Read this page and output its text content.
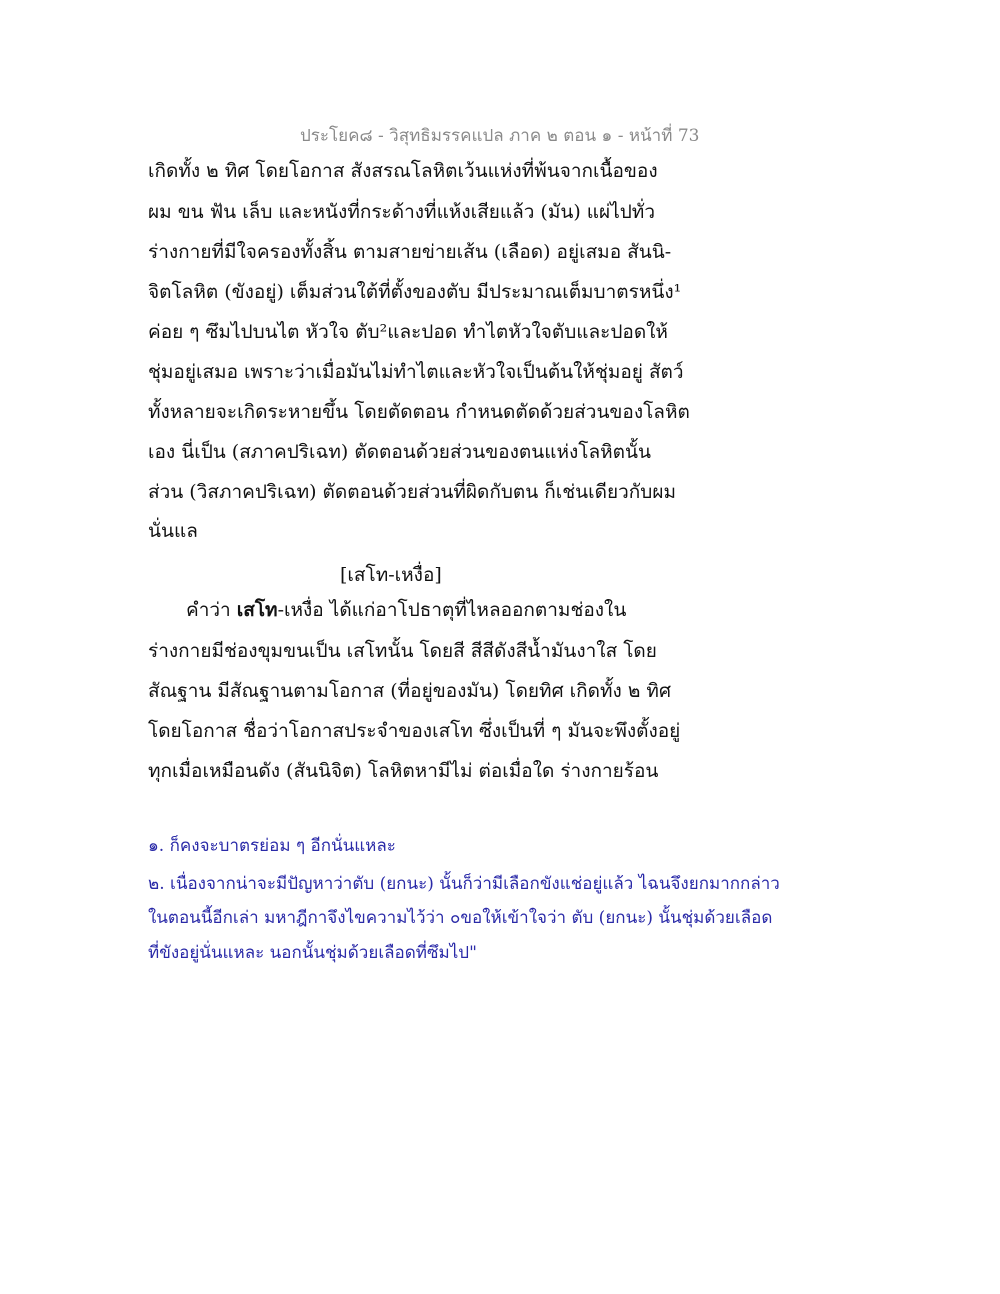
ประโยค๘ - วิสุทธิมรรคแปล ภาค ๒ ตอน ๑ - หน้าที่ 73
เกิดทั้ง ๒ ทิศ โดยโอกาส สังสรณโลหิตเว้นแห่งที่พ้นจากเนื้อของ
ผม ขน ฟัน เล็บ และหนังที่กระด้างที่แห้งเสียแล้ว (มัน) แผ่ไปทั่ว
ร่างกายที่มีใจครองทั้งสิ้น ตามสายข่ายเส้น (เลือด) อยู่เสมอ สันนิ-
จิตโลหิต (ขังอยู่) เต็มส่วนใต้ที่ตั้งของตับ มีประมาณเต็มบาตรหนึ่ง¹
ค่อย ๆ ซึมไปบนไต หัวใจ ตับ²และปอด ทำไตหัวใจตับและปอดให้
ชุ่มอยู่เสมอ เพราะว่าเมื่อมันไม่ทำไตและหัวใจเป็นต้นให้ชุ่มอยู่ สัตว์
ทั้งหลายจะเกิดระหายขึ้น โดยตัดตอน กำหนดตัดด้วยส่วนของโลหิต
เอง นี่เป็น (สภาคปริเฉท) ตัดตอนด้วยส่วนของตนแห่งโลหิตนั้น
ส่วน (วิสภาคปริเฉท) ตัดตอนด้วยส่วนที่ผิดกับตน ก็เช่นเดียวกับผม
นั่นแล
[เสโท-เหงื่อ]
คำว่า เสโท-เหงื่อ ได้แก่อาโปธาตุที่ไหลออกตามช่องใน
ร่างกายมีช่องขุมขนเป็น เสโทนั้น โดยสี สีสีดังสีน้ำมันงาใส โดย
สัณฐาน มีสัณฐานตามโอกาส (ที่อยู่ของมัน) โดยทิศ เกิดทั้ง ๒ ทิศ
โดยโอกาส ชื่อว่าโอกาสประจำของเสโท ซึ่งเป็นที่ ๆ มันจะพึงตั้งอยู่
ทุกเมื่อเหมือนดัง (สันนิจิต) โลหิตหามีไม่ ต่อเมื่อใด ร่างกายร้อน
๑. ก็คงจะบาตรย่อม ๆ อีกนั่นแหละ
๒. เนื่องจากน่าจะมีปัญหาว่าตับ (ยกนะ) นั้นก็ว่ามีเลือกขังแช่อยู่แล้ว ไฉนจึงยกมากกล่าว
ในตอนนี้อีกเล่า มหาฎีกาจึงไขความไว้ว่า ๐ขอให้เข้าใจว่า ตับ (ยกนะ) นั้นชุ่มด้วยเลือด
ที่ขังอยู่นั่นแหละ นอกนั้นชุ่มด้วยเลือดที่ซึมไป"
